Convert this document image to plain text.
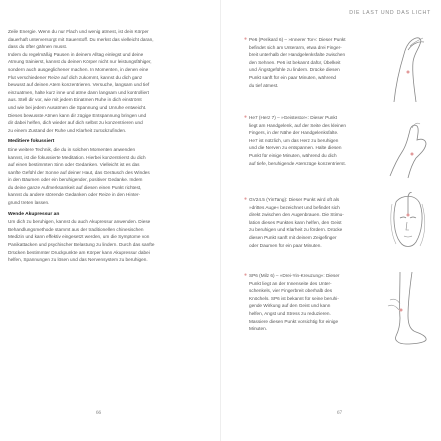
Zeile Energie. Wenn du nur Flach und wenig atmest, ist dein Körper

dauerhaft unterversorgt mit Sauerstoff. Du merkst das vielleicht daran,

dass du öfter gähnen musst.

Indem du regelmäßig Pausen in deinem Alltag einlegst und deine

Atmung trainierst, kannst du deinen Körper nicht nur leistungsfähiger,

sondern auch ausgeglichener machen. In Momenten, in denen eine

Flut verschiedener Reize auf dich zukommt, kannst du dich ganz

bewusst auf deinen Atem konzentrieren. Versuche, langsam und tief

einzuatmen, halte kurz inne und atme dann langsam und kontrolliert

aus. Stell dir vor, wie mit jedem Einatmen Ruhe in dich einströmt

und wie bei jedem Ausatmen die Spannung und Unruhe entweicht.

Dieses bewusste Atmen kann dir zügige Entspannung bringen und

dir dabei helfen, dich wieder auf dich selbst zu konzentrieren und

zu einem Zustand der Ruhe und Klarheit zurückzufinden.

Meditiere fokussiert

Eine weitere Technik, die du in solchen Momenten anwenden

kannst, ist die fokussierte Meditation. Hierbei konzentrierst du dich

auf einen bestimmten Sinn oder Gedanken. Vielleicht ist es das

sanfte Gefühl der Sonne auf deiner Haut, das Geräusch des Windes

in den Bäumen oder ein beruhigender, positiver Gedanke. Indem

du deine ganze Aufmerksamkeit auf diesen einen Punkt richtest,

kannst du andere störende Gedanken oder Reize in den Hinter-

grund treten lassen.

Wende Akupressur an

Um dich zu beruhigen, kannst du auch Akupressur anwenden. Diese

Behandlungsmethode stammt aus der traditionellen chinesischen

Medizin und kann effektiv eingesetzt werden, um die Symptome von

Panikattacken und psychischer Belastung zu lindern. Durch das sanfte

Drücken bestimmter Druckpunkte am Körper kann Akupressur dabei

helfen, Spannungen zu lösen und das Nervensystem zu beruhigen.

66
DIE LAST UND DAS LICHT
● Pe6 (Perikard 6) – »Innerer Tor«: Dieser Punkt

befindet sich am Unterarm, etwa drei Finger-

breit unterhalb der Handgelenksfalte zwischen

den Sehnen. Pe6 ist bekannt dafür, Übelkeit

und Ängstgefühle zu lindern. Drücke diesen

Punkt sanft für ein paar Minuten, während

du tief atmest.

● He7 (Herz 7) – »Geistestor«: Dieser Punkt

liegt am Handgelenk, auf der Seite des kleinen

Fingers, in der Nähe der Handgelenksfalte.

He7 ist nützlich, um das Herz zu beruhigen

und die Nerven zu entspannen. Halte diesen

Punkt für einige Minuten, während du dich

auf tiefe, beruhigende Atemzüge konzentrierst.

● GV24.5 (YinTang): Dieser Punkt wird oft als

»drittes Auge« bezeichnet und befindet sich

direkt zwischen den Augenbrauen. Die Stimu-

lation dieses Punktes kann helfen, den Geist

zu beruhigen und Klarheit zu fördern. Drücke

diesen Punkt sanft mit deinem Zeigefinger

oder Daumen für ein paar Minuten.

● SP6 (Milz 6) – »Drei-Yin-Kreuzung«: Dieser

Punkt liegt an der Innenseite des Unter-

schenkels, vier Fingerbreit oberhalb des

Knöchels. SP6 ist bekannt für seine beruhi-

gende Wirkung auf den Geist und kann

helfen, Angst und Stress zu reduzieren.

Massiere diesen Punkt vorsichtig für einige

Minuten.

67
